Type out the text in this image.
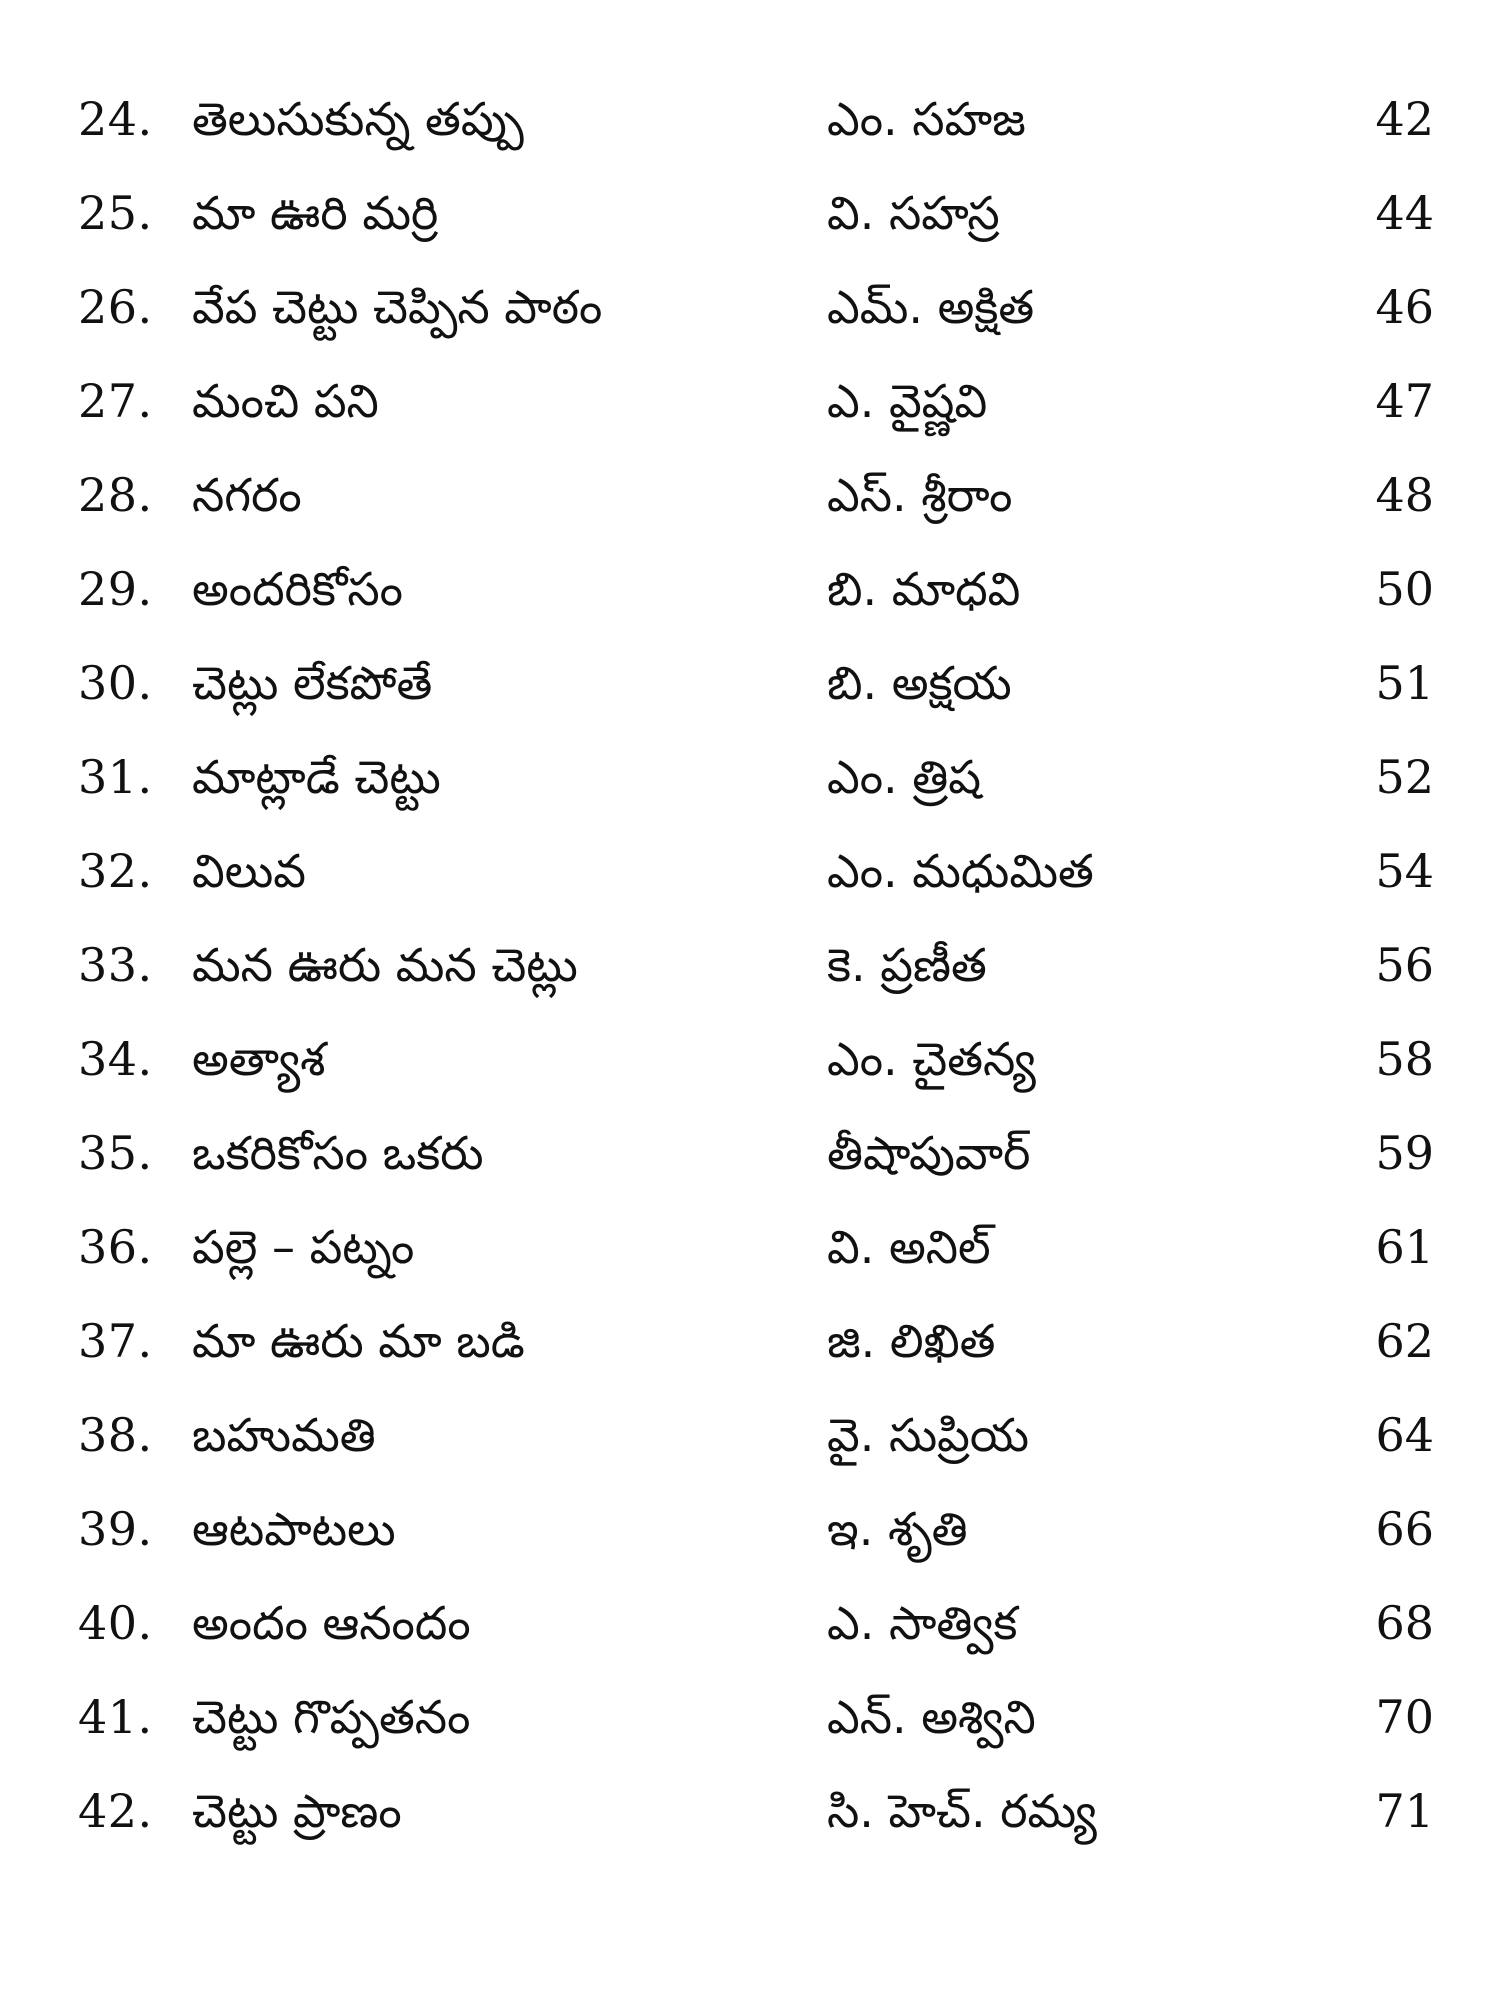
24. తెలుసుకున్న తప్పు	ఎం. సహజ	42
25. మా ఊరి మర్రి	వి. సహస్ర	44
26. వేప చెట్టు చెప్పిన పాఠం	ఎమ్. అక్షిత	46
27. మంచి పని	ఎ. వైష్ణవి	47
28. నగరం	ఎస్. శ్రీరాం	48
29. అందరికోసం	బి. మాధవి	50
30. చెట్లు లేకపోతే	బి. అక్షయ	51
31. మాట్లాడే చెట్టు	ఎం. త్రిష	52
32. విలువ	ఎం. మధుమిత	54
33. మన ఊరు మన చెట్లు	కె. ప్రణీత	56
34. అత్యాశ	ఎం. చైతన్య	58
35. ఒకరికోసం ఒకరు	తీషాపువార్	59
36. పల్లె – పట్నం	వి. అనిల్	61
37. మా ఊరు మా బడి	జి. లిఖిత	62
38. బహుమతి	వై. సుప్రియ	64
39. ఆటపాటలు	ఇ. శృతి	66
40. అందం ఆనందం	ఎ. సాత్విక	68
41. చెట్టు గొప్పతనం	ఎన్. అశ్విని	70
42. చెట్టు ప్రాణం	సి. హెచ్. రమ్య	71
